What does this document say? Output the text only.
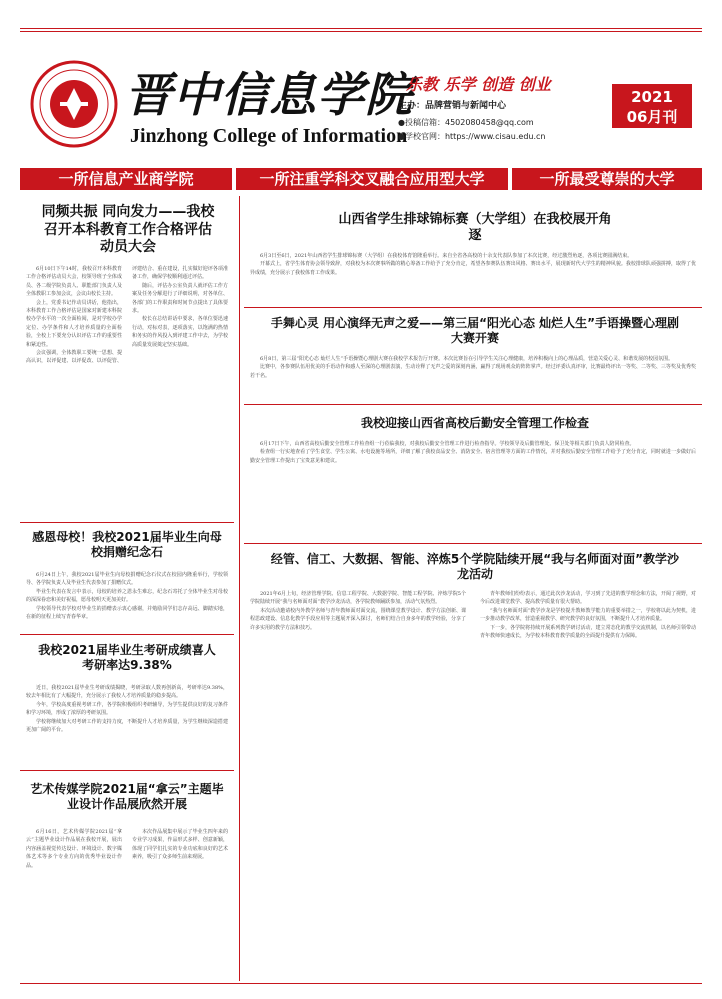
晋中信息学院
Jinzhong College of Information
乐教 乐学 创造 创业
主办：品牌营销与新闻中心
●投稿信箱：4502080458@qq.com
●学校官网：https://www.cisau.edu.cn
2021
06月刊
一所信息产业商学院	一所注重学科交叉融合应用型大学	一所最受尊崇的大学
同频共振 同向发力——我校召开本科教育工作合格评估动员大会

6月10日下午14时，我校召开本科教育工作合格评估动员大会，校领导班子全体成员、各二级学院负责人、职能部门负责人及全体教职工参加会议，会议由校长主持。

会上，党委书记作动员讲话，他指出，本科教育工作合格评估是国家对新建本科院校办学水平的一次全面检阅，是对学校办学定位、办学条件和人才培养质量的全面检验，全校上下要充分认识评估工作的重要性和紧迫性。

会议强调，全体教职工要统一思想、提高认识，以评促建、以评促改、以评促管、评建结合、重在建设，扎实做好迎评各项准备工作，确保学校顺利通过评估。

随后，评估办公室负责人就评估工作方案及任务分解进行了详细说明，对各单位、各部门的工作职责和时间节点提出了具体要求。

校长在总结讲话中要求，各单位要迅速行动，对标对表，逐项落实，以饱满的热情和务实的作风投入到评建工作中去，为学校高质量发展奠定坚实基础。

感恩母校！我校2021届毕业生向母校捐赠纪念石

6月24日上午，我校2021届毕业生向母校捐赠纪念石仪式在校园内隆重举行，学校领导、各学院负责人及毕业生代表参加了捐赠仪式。

毕业生代表在发言中表示，母校的培养之恩永生难忘，纪念石寄托了全体毕业生对母校的深深眷恋和美好祝福，愿母校明天更加美好。

学校领导代表学校对毕业生的捐赠表示衷心感谢，并勉励同学们志存高远、脚踏实地，在新的征程上续写青春华章。

我校2021届毕业生考研成绩喜人 考研率达9.38%

近日，我校2021届毕业生考研成绩揭晓，考研录取人数再创新高，考研率达9.38%，较去年相比有了大幅提升，充分展示了我校人才培养质量的稳步提高。

今年，学校高度重视考研工作，各学院积极组织考研辅导，为学生提供良好的复习条件和学习环境，形成了浓厚的考研氛围。

学校将继续加大对考研工作的支持力度，不断提升人才培养质量，为学生继续深造搭建更加广阔的平台。

艺术传媒学院2021届“拿云”主题毕业设计作品展欣然开展

6月16日，艺术传媒学院2021届“拿云”主题毕业设计作品展在我校开展，展出内容涵盖视觉传达设计、环境设计、数字媒体艺术等多个专业方向的优秀毕业设计作品。

本次作品展集中展示了毕业生四年来的专业学习成果，作品形式多样、创意新颖，体现了同学们扎实的专业功底和良好的艺术素养，吸引了众多师生前来观展。

山西省学生排球锦标赛（大学组）在我校展开角逐

6月3日至6日，2021年山西省学生排球锦标赛（大学组）在我校体育馆隆重举行。来自全省各高校的十余支代表队参加了本次比赛，经过激烈角逐，各项比赛圆满结束。

开幕式上，省学生体育协会领导致辞，对我校为本次赛事所做的精心筹备工作给予了充分肯定，希望各参赛队伍赛出风格、赛出水平，展现新时代大学生的精神风貌。我校排球队顽强拼搏，取得了优异成绩，充分展示了我校体育工作成果。

手舞心灵 用心演绎无声之爱——第三届“阳光心态 灿烂人生”手语操暨心理剧大赛开赛

6月8日，第三届“阳光心态 灿烂人生”手语操暨心理剧大赛在我校学术报告厅开赛。本次比赛旨在引导学生关注心理健康，培养积极向上的心理品质，营造关爱心灵、和谐发展的校园氛围。

比赛中，各参赛队伍用优美的手语动作和感人至深的心理剧表演，生动诠释了无声之爱的深刻内涵，赢得了现场观众的阵阵掌声。经过评委认真评审，比赛最终评出一等奖、二等奖、三等奖及优秀奖若干名。

我校迎接山西省高校后勤安全管理工作检查

6月17日下午，山西省高校后勤安全管理工作检查组一行莅临我校，对我校后勤安全管理工作进行检查指导。学校领导及后勤管理处、保卫处等相关部门负责人陪同检查。

检查组一行实地查看了学生食堂、学生公寓、水电设施等场所，详细了解了我校食品安全、消防安全、宿舍管理等方面的工作情况，并对我校后勤安全管理工作给予了充分肯定，同时就进一步做好后勤安全管理工作提出了宝贵意见和建议。

经管、信工、大数据、智能、淬炼5个学院陆续开展“我与名师面对面”教学沙龙活动

2021年6月上旬，经济管理学院、信息工程学院、大数据学院、智能工程学院、淬炼学院5个学院陆续开展“我与名师面对面”教学沙龙活动，各学院教师踊跃参加，活动气氛热烈。

本次活动邀请校内外教学名师与青年教师面对面交流，围绕课堂教学设计、教学方法创新、课程思政建设、信息化教学手段应用等主题展开深入探讨，名师们结合自身多年的教学经验，分享了许多实用的教学方法和技巧。

青年教师们纷纷表示，通过此次沙龙活动，学习到了先进的教学理念和方法，开阔了视野，对今后改进课堂教学、提高教学质量有很大帮助。

“我与名师面对面”教学沙龙是学校提升教师教学能力的重要举措之一，学校将以此为契机，进一步推动教学改革，营造重视教学、研究教学的良好氛围，不断提升人才培养质量。

下一步，各学院将持续开展系列教学研讨活动，建立常态化的教学交流机制，以名师引领带动青年教师快速成长，为学校本科教育教学质量的全面提升提供有力保障。
